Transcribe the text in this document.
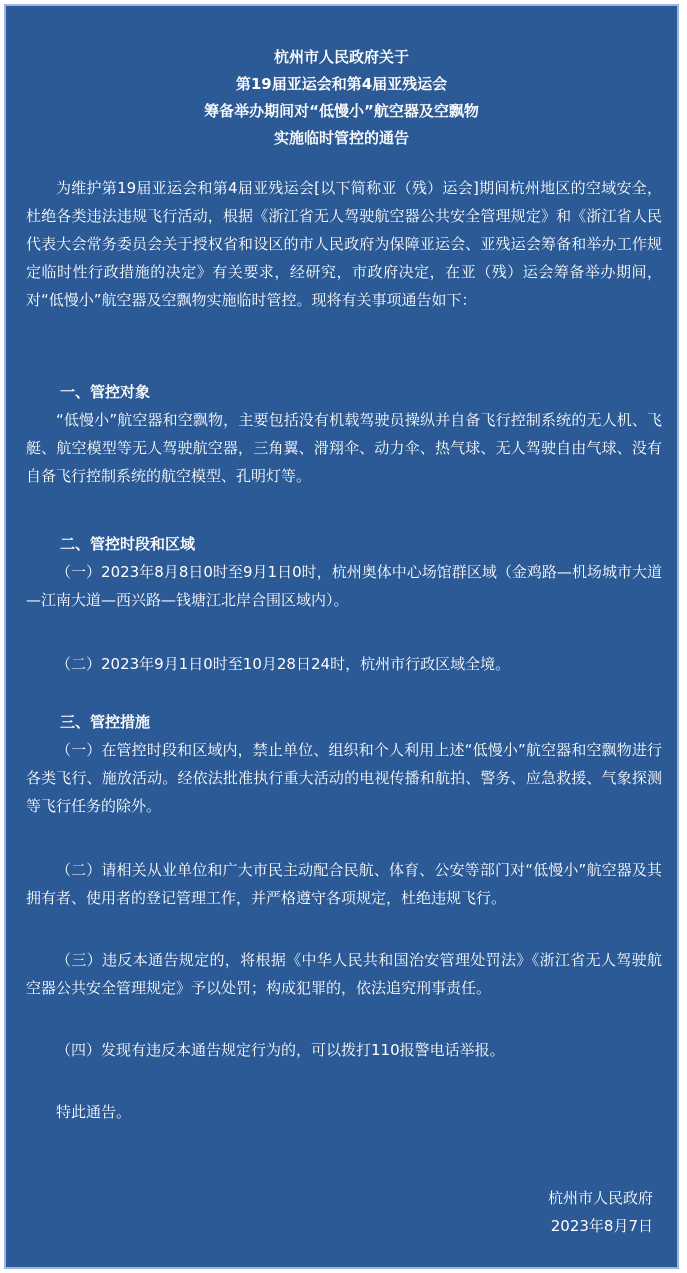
杭州市人民政府关于
第19届亚运会和第4届亚残运会
筹备举办期间对“低慢小”航空器及空飘物
实施临时管控的通告
为维护第19届亚运会和第4届亚残运会[以下简称亚（残）运会]期间杭州地区的空域安全，杜绝各类违法违规飞行活动，根据《浙江省无人驾驶航空器公共安全管理规定》和《浙江省人民代表大会常务委员会关于授权省和设区的市人民政府为保障亚运会、亚残运会筹备和举办工作规定临时性行政措施的决定》有关要求，经研究，市政府决定，在亚（残）运会筹备举办期间，对“低慢小”航空器及空飘物实施临时管控。现将有关事项通告如下：
一、管控对象
“低慢小”航空器和空飘物，主要包括没有机载驾驶员操纵并自备飞行控制系统的无人机、飞艇、航空模型等无人驾驶航空器，三角翼、滑翔伞、动力伞、热气球、无人驾驶自由气球、没有自备飞行控制系统的航空模型、孔明灯等。
二、管控时段和区域
（一）2023年8月8日0时至9月1日0时，杭州奥体中心场馆群区域（金鸡路—机场城市大道—江南大道—西兴路—钱塘江北岸合围区域内）。
（二）2023年9月1日0时至10月28日24时，杭州市行政区域全境。
三、管控措施
（一）在管控时段和区域内，禁止单位、组织和个人利用上述“低慢小”航空器和空飘物进行各类飞行、施放活动。经依法批准执行重大活动的电视传播和航拍、警务、应急救援、气象探测等飞行任务的除外。
（二）请相关从业单位和广大市民主动配合民航、体育、公安等部门对“低慢小”航空器及其拥有者、使用者的登记管理工作，并严格遵守各项规定，杜绝违规飞行。
（三）违反本通告规定的，将根据《中华人民共和国治安管理处罚法》《浙江省无人驾驶航空器公共安全管理规定》予以处罚；构成犯罪的，依法追究刑事责任。
（四）发现有违反本通告规定行为的，可以拨打110报警电话举报。
特此通告。
杭州市人民政府
2023年8月7日
